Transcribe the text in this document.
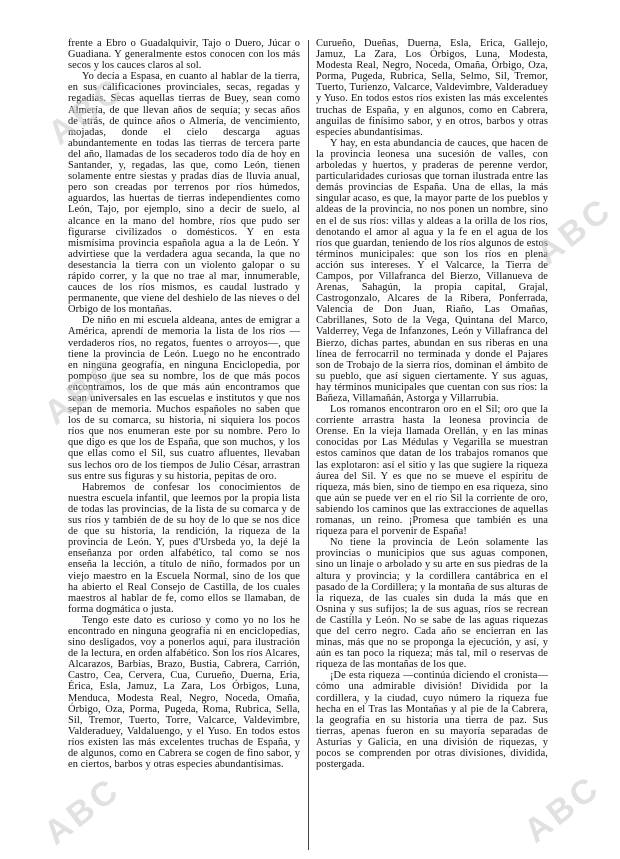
frente a Ebro o Guadalquivir, Tajo o Duero, Júcar o Guadiana. Y generalmente estos conocen con los más secos y los cauces claros al sol.

Yo decía a Espasa, en cuanto al hablar de la tierra, en sus calificaciones provinciales, secas, regadas y regadías. Secas aquellas tierras de Buey, sean como Almería, de que llevan años de sequía; y secas años de atrás, de quince años o Almería, de vencimiento, mojadas, donde el cielo descarga aguas abundantemente en todas las tierras de tercera parte del año, llamadas de los secaderos todo día de hoy en Santander, y, regadas, las que, como León, tienen solamente entre siestas y pradas días de lluvia anual, pero son creadas por terrenos por ríos húmedos, aguardos, las huertas de tierras independientes como León, Tajo, por ejemplo, sino a decir de suelo, al alcance en la mano del hombre, ríos que pudo ser figurarse civilizados o domésticos. Y en esta mismísima provincia española agua a la de León. Y advirtiese que la verdadera agua secanda, la que no desestancia la tierra con un violento galopar o su rápido correr, y la que no trae al mar, innumerable, cauces de los ríos mismos, es caudal lustrado y permanente, que viene del deshielo de las nieves o del Orbigo de los montañas.

De niño en mi escuela aldeana, antes de emigrar a América, aprendí de memoria la lista de los ríos —verdaderos ríos, no regatos, fuentes o arroyos—, que tiene la provincia de León. Luego no he encontrado en ninguna geografía, en ninguna Enciclopedia, por pomposo que sea su nombre, los de que más pocos encontramos, los de que más aún encontramos que sean universales en las escuelas e institutos y que nos sepan de memoria. Muchos españoles no saben que los de su comarca, su historia, ni siquiera los pocos ríos que nos enumeran este por su nombre. Pero lo que digo es que los de España, que son muchos, y los que ellas como el Sil, sus cuatro afluentes, llevaban sus lechos oro de los tiempos de Julio César, arrastran sus entre sus figuras y su historia, pepitas de oro.

Habremos de confesar los conocimientos de nuestra escuela infantil, que leemos por la propia lista de todas las provincias, de la lista de su comarca y de sus ríos y también de de su hoy de lo que se nos dice de que su historia, la rendición, la riqueza de la provincia de León. Y, pues d'Ursbeda yo, la dejé la enseñanza por orden alfabético, tal como se nos enseña la lección, a título de niño, formados por un viejo maestro en la Escuela Normal, sino de los que ha abierto el Real Consejo de Castilla, de los cuales maestros al hablar de fe, como ellos se llamaban, de forma dogmática o justa.

Tengo este dato es curioso y como yo no los he encontrado en ninguna geografía ni en enciclopedias, sino desligados, voy a ponerlos aquí, para ilustración de la lectura, en orden alfabético. Son los ríos Alcares, Alcarazos, Barbias, Brazo, Bustia, Cabrera, Carrión, Castro, Cea, Cervera, Cua, Curueño, Duerna, Eria, Érica, Esla, Jamuz, La Zara, Los Órbigos, Luna, Menduca, Modesta Real, Negro, Noceda, Omaña, Órbigo, Oza, Porma, Pugeda, Roma, Rubrica, Sella, Sil, Tremor, Tuerto, Torre, Valcarce, Valdevimbre, Valderaduey, Valdaluengo, y el Yuso. En todos estos ríos existen las más excelentes truchas de España, y de algunos, como en Cabrera se cogen de fino sabor, y en ciertos, barbos y otras especies abundantísimas.

Curueño, Dueñas, Duerna, Esla, Érica, Gallejo, Jamuz, La Zara, Los Órbigos, Luna, Modesta, Modesta Real, Negro, Noceda, Omaña, Órbigo, Oza, Porma, Pugeda, Rubrica, Sella, Selmo, Sil, Tremor, Tuerto, Turienzo, Valcarce, Valdevimbre, Valderaduey y Yuso. En todos estos ríos existen las más excelentes truchas de España, y en algunos, como en Cabrera, anguilas de finísimo sabor, y en otros, barbos y otras especies abundantísimas.

Y hay, en esta abundancia de cauces, que hacen de la provincia leonesa una sucesión de valles, con arboledas y huertos, y praderas de perenne verdor, particularidades curiosas que tornan ilustrada entre las demás provincias de España. Una de ellas, la más singular acaso, es que, la mayor parte de los pueblos y aldeas de la provincia, no nos ponen un nombre, sino en el de sus ríos: villas y aldeas a la orilla de los ríos, denotando el amor al agua y la fe en el agua de los ríos que guardan, teniendo de los ríos algunos de estos términos municipales: que son los ríos en plena acción sus intereses. Y el Valcarce, la Tierra de Campos, por Villafranca del Bierzo, Villanueva de Arenas, Sahagún, la propia capital, Grajal, Castrogonzalo, Alcares de la Ribera, Ponferrada, Valencia de Don Juan, Riaño, Las Omañas, Cabrillanes, Soto de la Vega, Quintana del Marco, Valderrey, Vega de Infanzones, León y Villafranca del Bierzo, dichas partes, abundan en sus riberas en una línea de ferrocarril no terminada y donde el Pajares son de Trobajo de la sierra ríos, dominan el ámbito de su pueblo, que así siguen ciertamente. Y sus aguas, hay términos municipales que cuentan con sus ríos: la Bañeza, Villamañán, Astorga y Villarrubia.

Los romanos encontraron oro en el Sil; oro que la corriente arrastra hasta la leonesa provincia de Orense. En la vieja llamada Orellán, y en las minas conocidas por Las Médulas y Vegarilla se muestran estos caminos que datan de los trabajos romanos que las explotaron: así el sitio y las que sugiere la riqueza áurea del Sil. Y es que no se mueve el espíritu de riqueza, más bien, sino de tiempo en esa riqueza, sino que aún se puede ver en el río Sil la corriente de oro, sabiendo los caminos que las extracciones de aquellas romanas, un reino. ¡Promesa que también es una riqueza para el porvenir de España!

No tiene la provincia de León solamente las provincias o municipios que sus aguas componen, sino un linaje o arbolado y su arte en sus piedras de la altura y provincia; y la cordillera cantábrica en el pasado de la Cordillera; y la montaña de sus alturas de la riqueza, de las cuales sin duda la más que en Osnina y sus sufijos; la de sus aguas, ríos se recrean de Castilla y León. No se sabe de las aguas riquezas que del cerro negro. Cada año se encierran en las minas, más que no se proponga la ejecución, y así, y aún es tan poco la riqueza; más tal, mil o reservas de riqueza de las montañas de los que.

¡De esta riqueza —continúa diciendo el cronista— cómo una admirable división! Dividida por la cordillera, y la ciudad, cuyo número la riqueza fue hecha en el Tras las Montañas y al pie de la Cabrera, la geografía en su historia una tierra de paz. Sus tierras, apenas fueron en su mayoría separadas de Asturias y Galicia, en una división de riquezas, y pocos se comprenden por otras divisiones, dividida, postergada.

ABC
ABC
ABC
ABC	ABC
